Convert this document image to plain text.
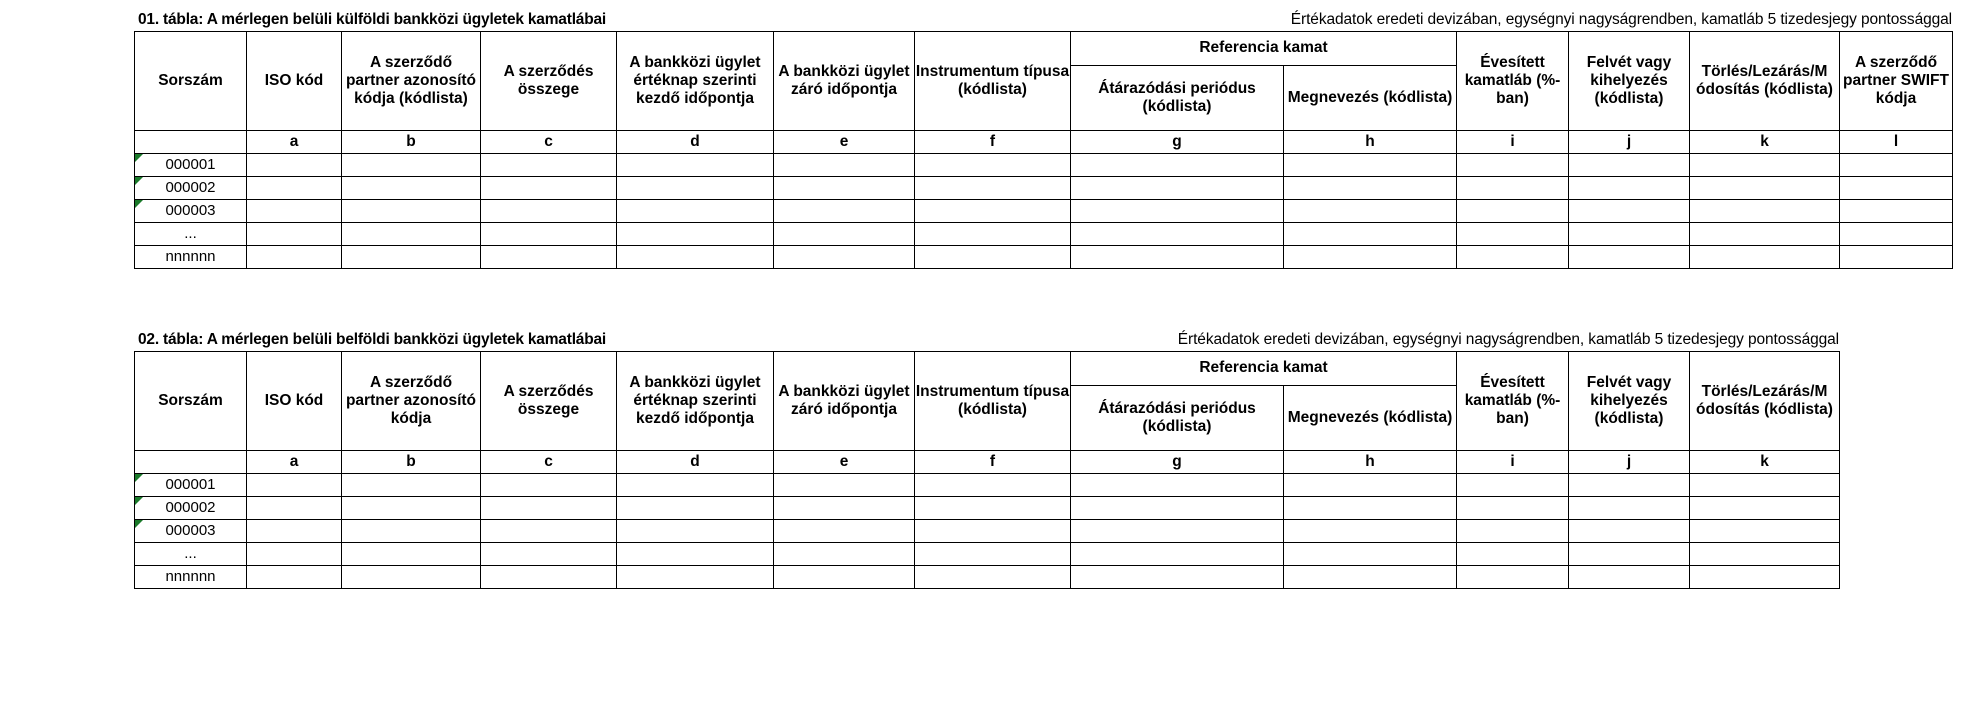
01. tábla: A mérlegen belüli külföldi bankközi ügyletek kamatlábai	Értékadatok eredeti devizában, egységnyi nagyságrendben, kamatláb 5 tizedesjegy pontossággal
Sorszám	ISO kód	A szerződő partner azonosító kódja (kódlista)	A szerződés összege	A bankközi ügylet értéknap szerinti kezdő időpontja	A bankközi ügylet záró időpontja	Instrumentum típusa (kódlista)	Referencia kamat		Évesített kamatláb (%-ban)	Felvét vagy kihelyezés (kódlista)	Törlés/Lezárás/M ódosítás (kódlista)	A szerződő partner SWIFT kódja
							Átárazódási periódus (kódlista)	Megnevezés (kódlista)				
	a	b	c	d	e	f	g	h	i	j	k	l
000001

000002

000003

...												
nnnnnn												
02. tábla: A mérlegen belüli belföldi bankközi ügyletek kamatlábai	Értékadatok eredeti devizában, egységnyi nagyságrendben, kamatláb 5 tizedesjegy pontossággal
Sorszám	ISO kód	A szerződő partner azonosító kódja	A szerződés összege	A bankközi ügylet értéknap szerinti kezdő időpontja	A bankközi ügylet záró időpontja	Instrumentum típusa (kódlista)	Referencia kamat		Évesített kamatláb (%-ban)	Felvét vagy kihelyezés (kódlista)	Törlés/Lezárás/M ódosítás (kódlista)
							Átárazódási periódus (kódlista)	Megnevezés (kódlista)			
	a	b	c	d	e	f	g	h	i	j	k
000001

000002

000003

...											
nnnnnn											
